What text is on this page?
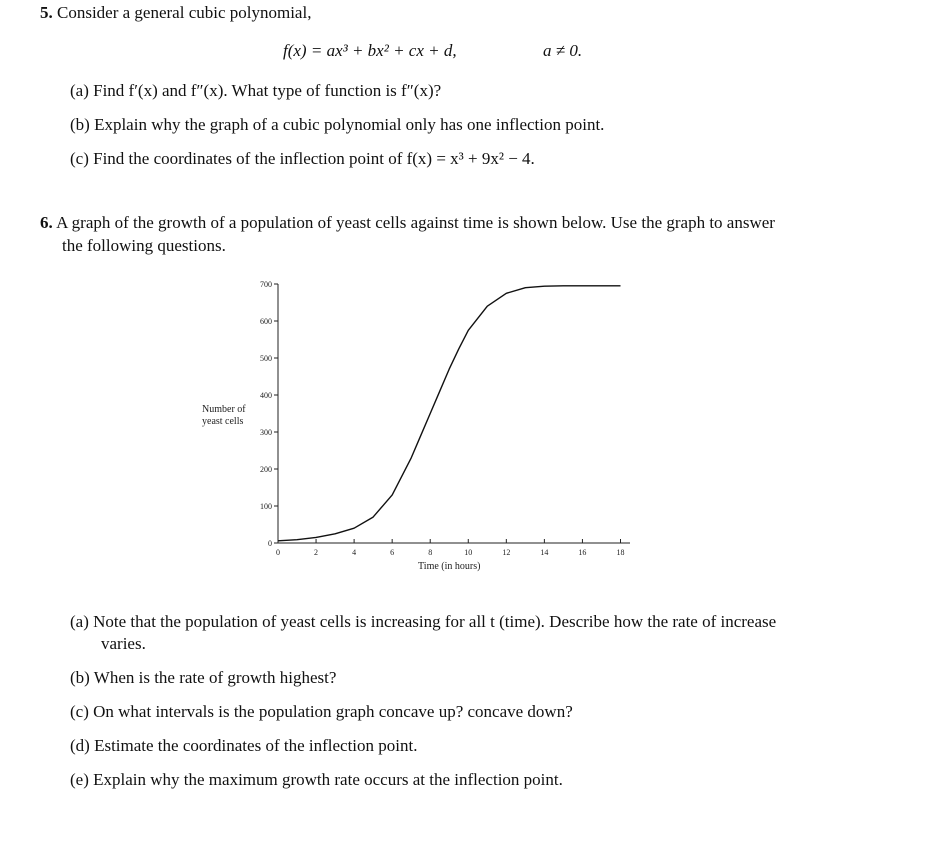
5. Consider a general cubic polynomial,
f(x) = ax³ + bx² + cx + d,	a ≠ 0.
(a) Find f′(x) and f″(x). What type of function is f″(x)?
(b) Explain why the graph of a cubic polynomial only has one inflection point.
(c) Find the coordinates of the inflection point of f(x) = x³ + 9x² − 4.
6. A graph of the growth of a population of yeast cells against time is shown below. Use the graph to answer
the following questions.
0
100
200
300
400
500
600
700
0	2	4	6	8	10	12	14	16	18
Time (in hours)
Number of
yeast cells
(a) Note that the population of yeast cells is increasing for all t (time). Describe how the rate of increase
varies.
(b) When is the rate of growth highest?
(c) On what intervals is the population graph concave up? concave down?
(d) Estimate the coordinates of the inflection point.
(e) Explain why the maximum growth rate occurs at the inflection point.
